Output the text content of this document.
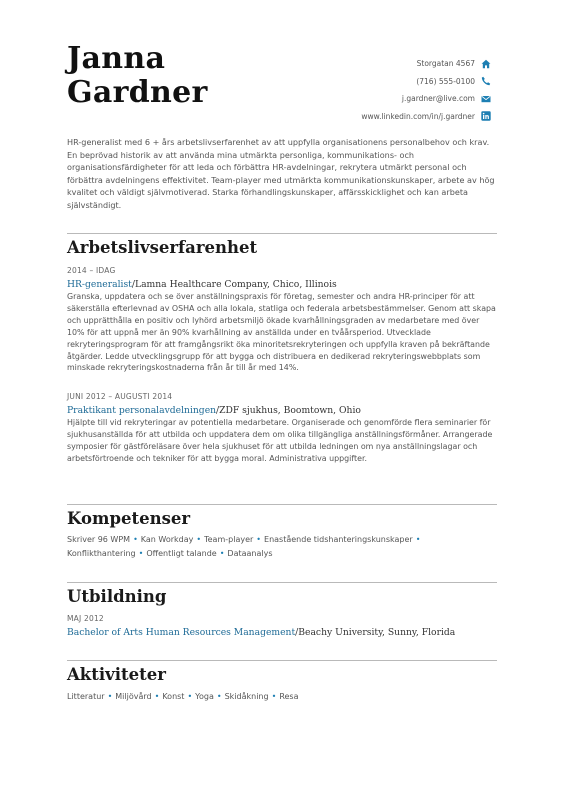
Janna
Gardner
Storgatan 4567
(716) 555-0100
j.gardner@live.com
www.linkedin.com/in/j.gardner
HR-generalist med 6 + års arbetslivserfarenhet av att uppfylla organisationens personalbehov och krav. En beprövad historik av att använda mina utmärkta personliga, kommunikations- och organisationsfärdigheter för att leda och förbättra HR-avdelningar, rekrytera utmärkt personal och förbättra avdelningens effektivitet. Team-player med utmärkta kommunikationskunskaper, arbete av hög kvalitet och väldigt självmotiverad. Starka förhandlingskunskaper, affärsskicklighet och kan arbeta självständigt.
Arbetslivserfarenhet
2014 – IDAG
HR-generalist/Lamna Healthcare Company, Chico, Illinois
Granska, uppdatera och se över anställningspraxis för företag, semester och andra HR-principer för att säkerställa efterlevnad av OSHA och alla lokala, statliga och federala arbetsbestämmelser. Genom att skapa och upprätthålla en positiv och lyhörd arbetsmiljö ökade kvarhållningsgraden av medarbetare med över 10% för att uppnå mer än 90% kvarhållning av anställda under en tvåårsperiod. Utvecklade rekryteringsprogram för att framgångsrikt öka minoritetsrekryteringen och uppfylla kraven på bekräftande åtgärder. Ledde utvecklingsgrupp för att bygga och distribuera en dedikerad rekryteringswebbplats som minskade rekryteringskostnaderna från år till år med 14%.
JUNI 2012 – AUGUSTI 2014
Praktikant personalavdelningen/ZDF sjukhus, Boomtown, Ohio
Hjälpte till vid rekryteringar av potentiella medarbetare. Organiserade och genomförde flera seminarier för sjukhusanställda för att utbilda och uppdatera dem om olika tillgängliga anställningsförmåner. Arrangerade symposier för gästföreläsare över hela sjukhuset för att utbilda ledningen om nya anställningslagar och arbetsförtroende och tekniker för att bygga moral. Administrativa uppgifter.
Kompetenser
Skriver 96 WPM • Kan Workday • Team-player • Enastående tidshanteringskunskaper • Konflikthantering • Offentligt talande • Dataanalys
Utbildning
MAJ 2012
Bachelor of Arts Human Resources Management/Beachy University, Sunny, Florida
Aktiviteter
Litteratur • Miljövård • Konst • Yoga • Skidåkning • Resa
